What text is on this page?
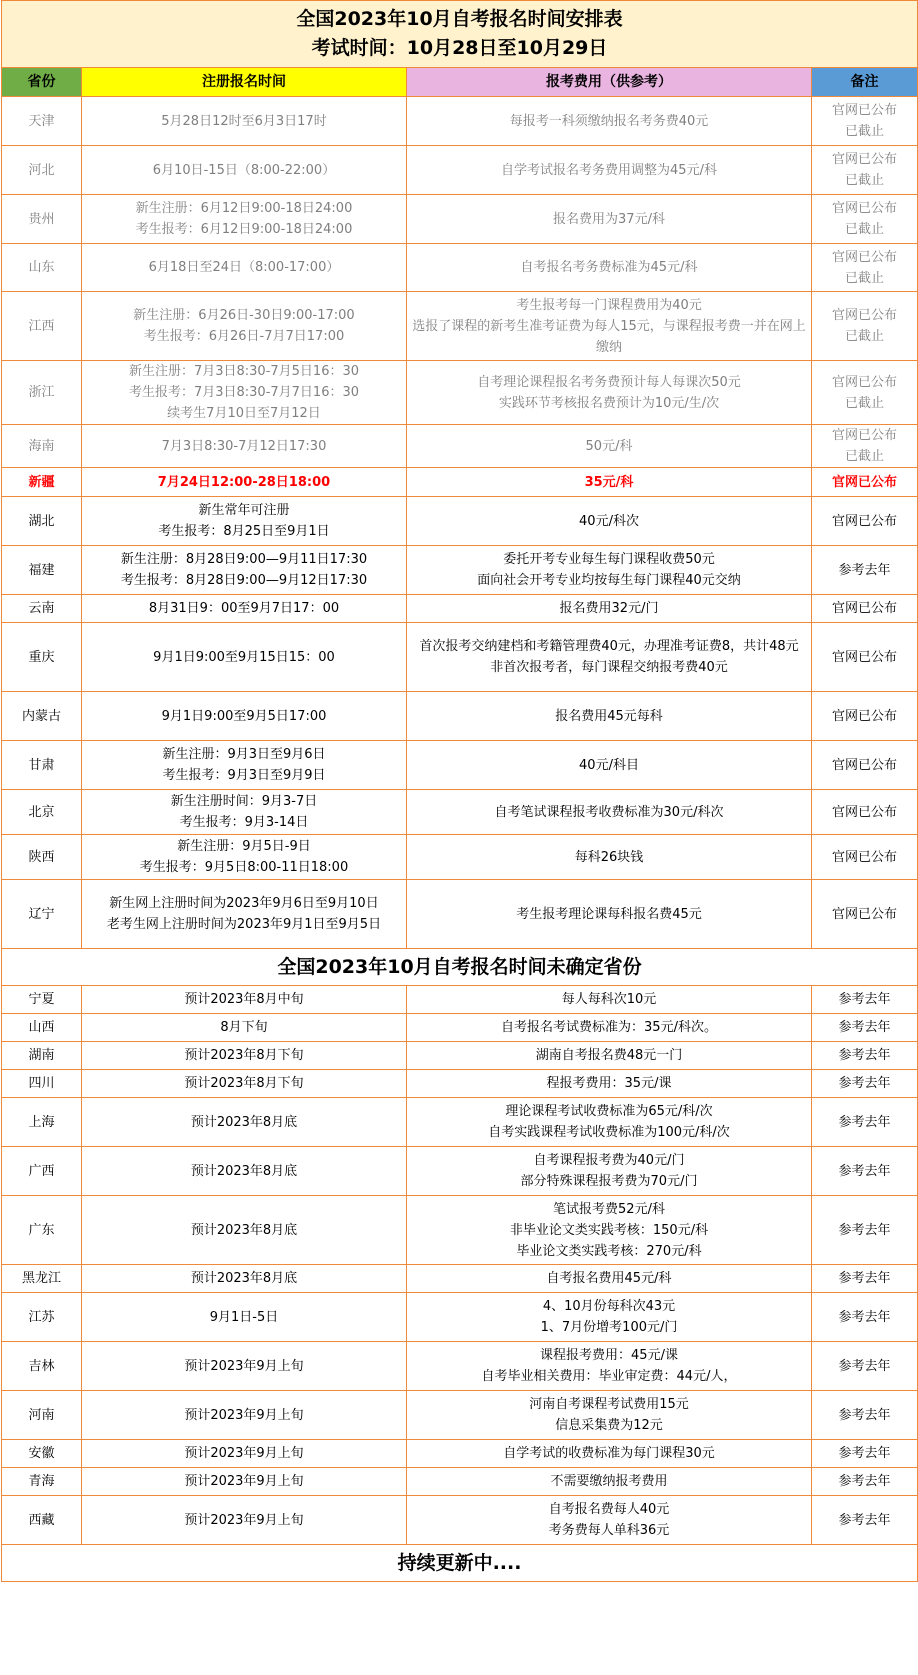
全国2023年10月自考报名时间安排表
考试时间：10月28日至10月29日			

省份	注册报名时间	报考费用（供参考）	备注
天津	5月28日12时至6月3日17时	每报考一科须缴纳报名考务费40元	官网已公布
已截止
河北	6月10日-15日（8:00-22:00）	自学考试报名考务费用调整为45元/科	官网已公布
已截止
贵州	新生注册：6月12日9:00-18日24:00
考生报考：6月12日9:00-18日24:00	报名费用为37元/科	官网已公布
已截止
山东	6月18日至24日（8:00-17:00）	自考报名考务费标准为45元/科	官网已公布
已截止
江西	新生注册：6月26日-30日9:00-17:00
考生报考：6月26日-7月7日17:00	考生报考每一门课程费用为40元
选报了课程的新考生准考证费为每人15元，与课程报考费一并在网上缴纳	官网已公布
已截止
浙江	新生注册：7月3日8:30-7月5日16：30
考生报考：7月3日8:30-7月7日16：30
续考生7月10日至7月12日	自考理论课程报名考务费预计每人每课次50元
实践环节考核报名费预计为10元/生/次	官网已公布
已截止
海南	7月3日8:30-7月12日17:30	50元/科	官网已公布
已截止
新疆	7月24日12:00-28日18:00	35元/科	官网已公布
湖北	新生常年可注册
考生报考：8月25日至9月1日	40元/科次	官网已公布
福建	新生注册：8月28日9:00—9月11日17:30
考生报考：8月28日9:00—9月12日17:30	委托开考专业每生每门课程收费50元
面向社会开考专业均按每生每门课程40元交纳	参考去年
云南	8月31日9：00至9月7日17：00	报名费用32元/门	官网已公布
重庆	9月1日9:00至9月15日15：00	首次报考交纳建档和考籍管理费40元，办理准考证费8，共计48元
非首次报考者，每门课程交纳报考费40元	官网已公布
内蒙古	9月1日9:00至9月5日17:00	报名费用45元每科	官网已公布
甘肃	新生注册：9月3日至9月6日
考生报考：9月3日至9月9日	40元/科目	官网已公布
北京	新生注册时间：9月3-7日
考生报考：9月3-14日	自考笔试课程报考收费标准为30元/科次	官网已公布
陕西	新生注册：9月5日-9日
考生报考：9月5日8:00-11日18:00	每科26块钱	官网已公布
辽宁	新生网上注册时间为2023年9月6日至9月10日
老考生网上注册时间为2023年9月1日至9月5日	考生报考理论课每科报名费45元	官网已公布
全国2023年10月自考报名时间未确定省份			
宁夏	预计2023年8月中旬	每人每科次10元	参考去年
山西	8月下旬	自考报名考试费标准为：35元/科次。	参考去年
湖南	预计2023年8月下旬	湖南自考报名费48元一门	参考去年
四川	预计2023年8月下旬	程报考费用：35元/课	参考去年
上海	预计2023年8月底	理论课程考试收费标准为65元/科/次
自考实践课程考试收费标准为100元/科/次	参考去年
广西	预计2023年8月底	自考课程报考费为40元/门
部分特殊课程报考费为70元/门	参考去年
广东	预计2023年8月底	笔试报考费52元/科
非毕业论文类实践考核：150元/科
毕业论文类实践考核：270元/科	参考去年
黑龙江	预计2023年8月底	自考报名费用45元/科	参考去年
江苏	9月1日-5日	4、10月份每科次43元
1、7月份增考100元/门	参考去年
吉林	预计2023年9月上旬	课程报考费用：45元/课
自考毕业相关费用：毕业审定费：44元/人，	参考去年
河南	预计2023年9月上旬	河南自考课程考试费用15元
信息采集费为12元	参考去年
安徽	预计2023年9月上旬	自学考试的收费标准为每门课程30元	参考去年
青海	预计2023年9月上旬	不需要缴纳报考费用	参考去年
西藏	预计2023年9月上旬	自考报名费每人40元
考务费每人单科36元	参考去年
持续更新中....			
